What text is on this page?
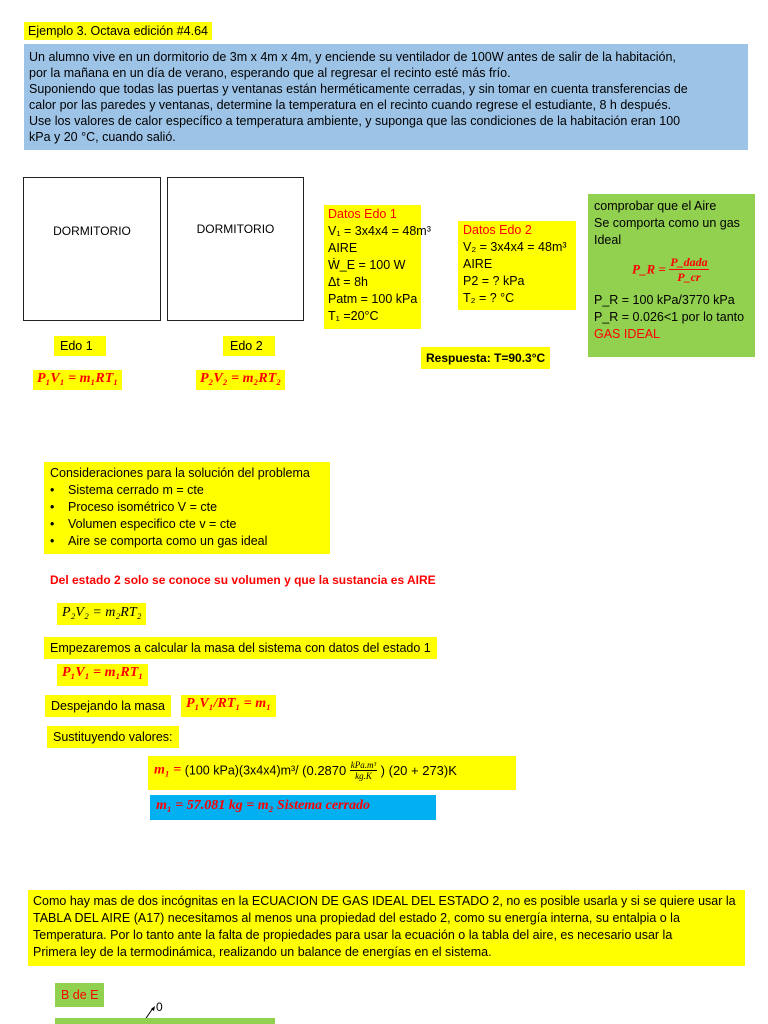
Ejemplo 3. Octava edición #4.64
Un alumno vive en un dormitorio de 3m x 4m x 4m, y enciende su ventilador de 100W antes de salir de la habitación,
por la mañana en un día de verano, esperando que al regresar el recinto esté más frío.
Suponiendo que todas las puertas y ventanas están herméticamente cerradas, y sin tomar en cuenta transferencias de
calor por las paredes y ventanas, determine la temperatura en el recinto cuando regrese el estudiante, 8 h después.
Use los valores de calor específico a temperatura ambiente, y suponga que las condiciones de la habitación eran 100
kPa y 20 °C, cuando salió.
DORMITORIO	DORMITORIO
Edo 1	Edo 2
P₁V₁ = m₁RT₁	P₂V₂ = m₂RT₂
Datos Edo 1
V₁ = 3x4x4 = 48m³
AIRE
Ẇ_E = 100 W
Δt = 8h
Patm = 100 kPa
T₁ =20°C
Datos Edo 2
V₂ = 3x4x4 = 48m³
AIRE
P2 = ? kPa
T₂ = ? °C
Respuesta: T=90.3°C
comprobar que el Aire
Se comporta como un gas
Ideal
P_R = $\frac{\text{P\_dada}}{P\_cr}$
P_R = 100 kPa/3770 kPa
P_R = 0.026<1 por lo tanto
GAS IDEAL
Consideraciones para la solución del problema
• Sistema cerrado m = cte
• Proceso isométrico V = cte
• Volumen especifico cte v = cte
• Aire se comporta como un gas ideal
Del estado 2 solo se conoce su volumen y que la sustancia es AIRE
P₂V₂ = m₂RT₂
Empezaremos a calcular la masa del sistema con datos del estado 1
P₁V₁ = m₁RT₁
Despejando la masa	P₁V₁/RT₁ = m₁
Sustituyendo valores:
m₁ = (100 kPa)(3x4x4)m³/ ($0.2870 \frac{\text{kPa.m³}}{kg.K}$ ) (20 + 273)K
m₁ = 57.081 kg = m₂ Sistema cerrado
Como hay mas de dos incógnitas en la ECUACION DE GAS IDEAL DEL ESTADO 2, no es posible usarla y si se quiere usar la
TABLA DEL AIRE (A17) necesitamos al menos una propiedad del estado 2, como su energía interna, su entalpia o la
Temperatura. Por lo tanto ante la falta de propiedades para usar la ecuación o la tabla del aire, es necesario usar la
Primera ley de la termodinámica, realizando un balance de energías en el sistema.
B de E
0
